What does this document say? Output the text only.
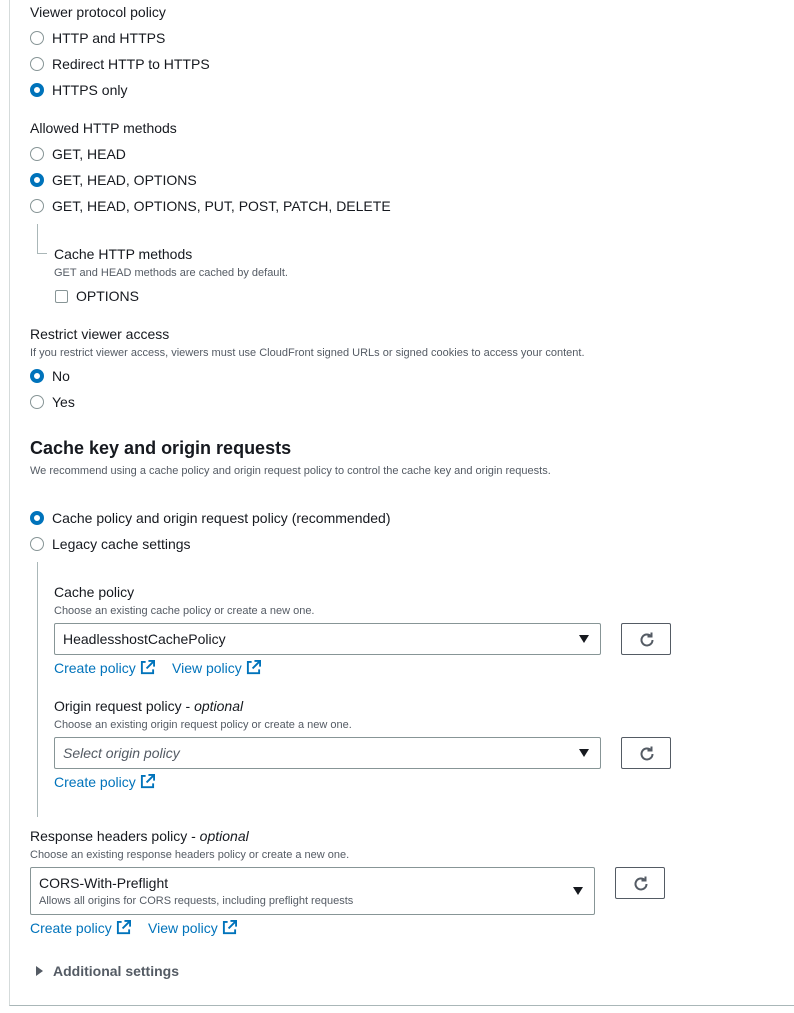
Viewer protocol policy
HTTP and HTTPS
Redirect HTTP to HTTPS
HTTPS only
Allowed HTTP methods
GET, HEAD
GET, HEAD, OPTIONS
GET, HEAD, OPTIONS, PUT, POST, PATCH, DELETE
Cache HTTP methods
GET and HEAD methods are cached by default.
OPTIONS
Restrict viewer access
If you restrict viewer access, viewers must use CloudFront signed URLs or signed cookies to access your content.
No
Yes
Cache key and origin requests
We recommend using a cache policy and origin request policy to control the cache key and origin requests.
Cache policy and origin request policy (recommended)
Legacy cache settings
Cache policy
Choose an existing cache policy or create a new one.
HeadlesshostCachePolicy
Create policy	View policy
Origin request policy - optional
Choose an existing origin request policy or create a new one.
Select origin policy
Create policy
Response headers policy - optional
Choose an existing response headers policy or create a new one.
CORS-With-Preflight
Allows all origins for CORS requests, including preflight requests
Create policy	View policy
Additional settings
